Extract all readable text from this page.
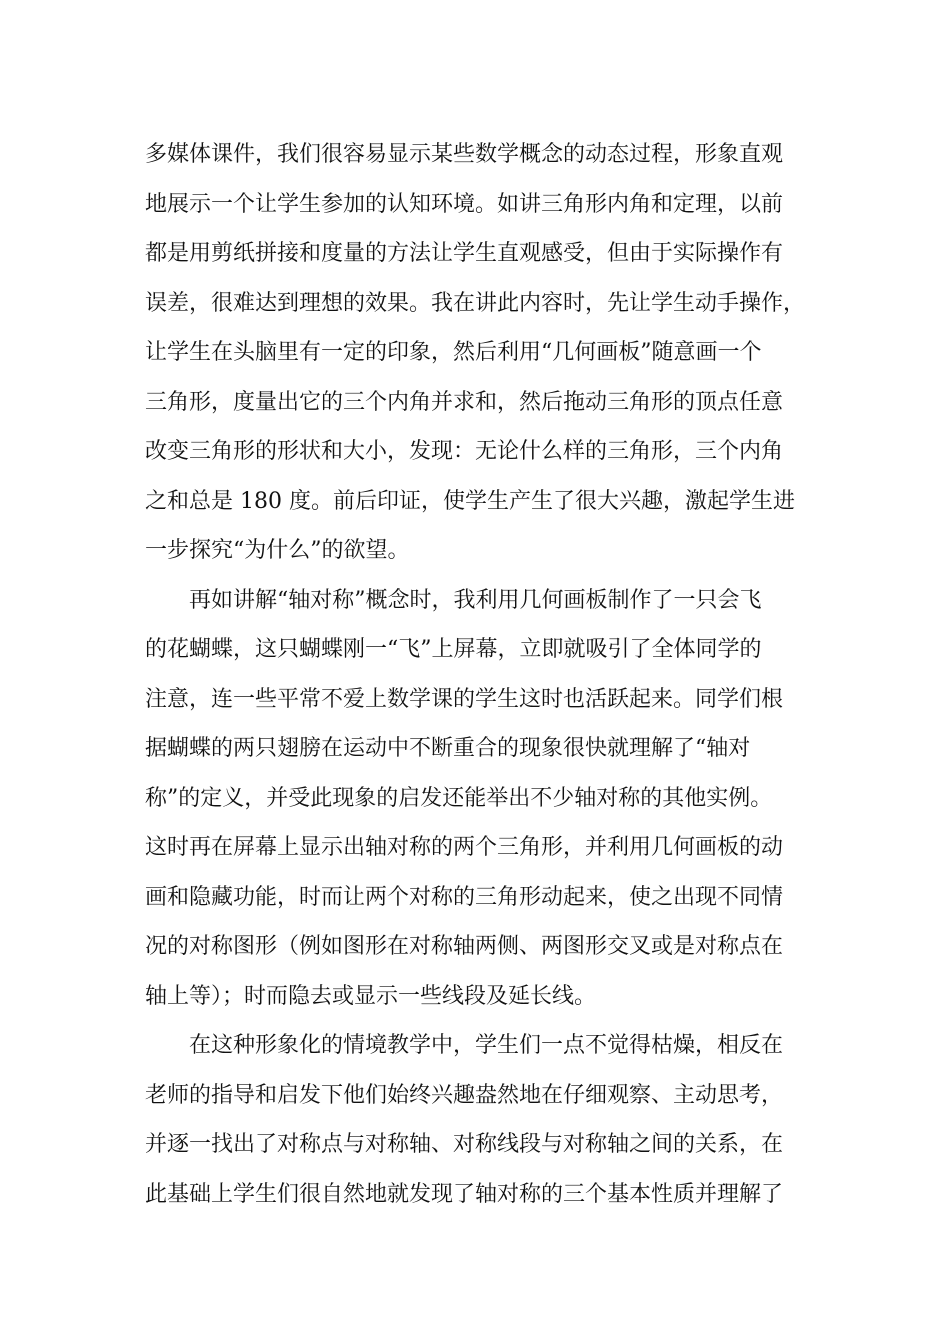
多媒体课件，我们很容易显示某些数学概念的动态过程，形象直观
地展示一个让学生参加的认知环境。如讲三角形内角和定理，以前
都是用剪纸拼接和度量的方法让学生直观感受，但由于实际操作有
误差，很难达到理想的效果。我在讲此内容时，先让学生动手操作，
让学生在头脑里有一定的印象，然后利用“几何画板”随意画一个
三角形，度量出它的三个内角并求和，然后拖动三角形的顶点任意
改变三角形的形状和大小，发现：无论什么样的三角形，三个内角
之和总是 180 度。前后印证，使学生产生了很大兴趣，激起学生进
一步探究“为什么”的欲望。
　　再如讲解“轴对称”概念时，我利用几何画板制作了一只会飞
的花蝴蝶，这只蝴蝶刚一“飞”上屏幕，立即就吸引了全体同学的
注意，连一些平常不爱上数学课的学生这时也活跃起来。同学们根
据蝴蝶的两只翅膀在运动中不断重合的现象很快就理解了“轴对
称”的定义，并受此现象的启发还能举出不少轴对称的其他实例。
这时再在屏幕上显示出轴对称的两个三角形，并利用几何画板的动
画和隐藏功能，时而让两个对称的三角形动起来，使之出现不同情
况的对称图形（例如图形在对称轴两侧、两图形交叉或是对称点在
轴上等）；时而隐去或显示一些线段及延长线。
　　在这种形象化的情境教学中，学生们一点不觉得枯燥，相反在
老师的指导和启发下他们始终兴趣盎然地在仔细观察、主动思考，
并逐一找出了对称点与对称轴、对称线段与对称轴之间的关系，在
此基础上学生们很自然地就发现了轴对称的三个基本性质并理解了
